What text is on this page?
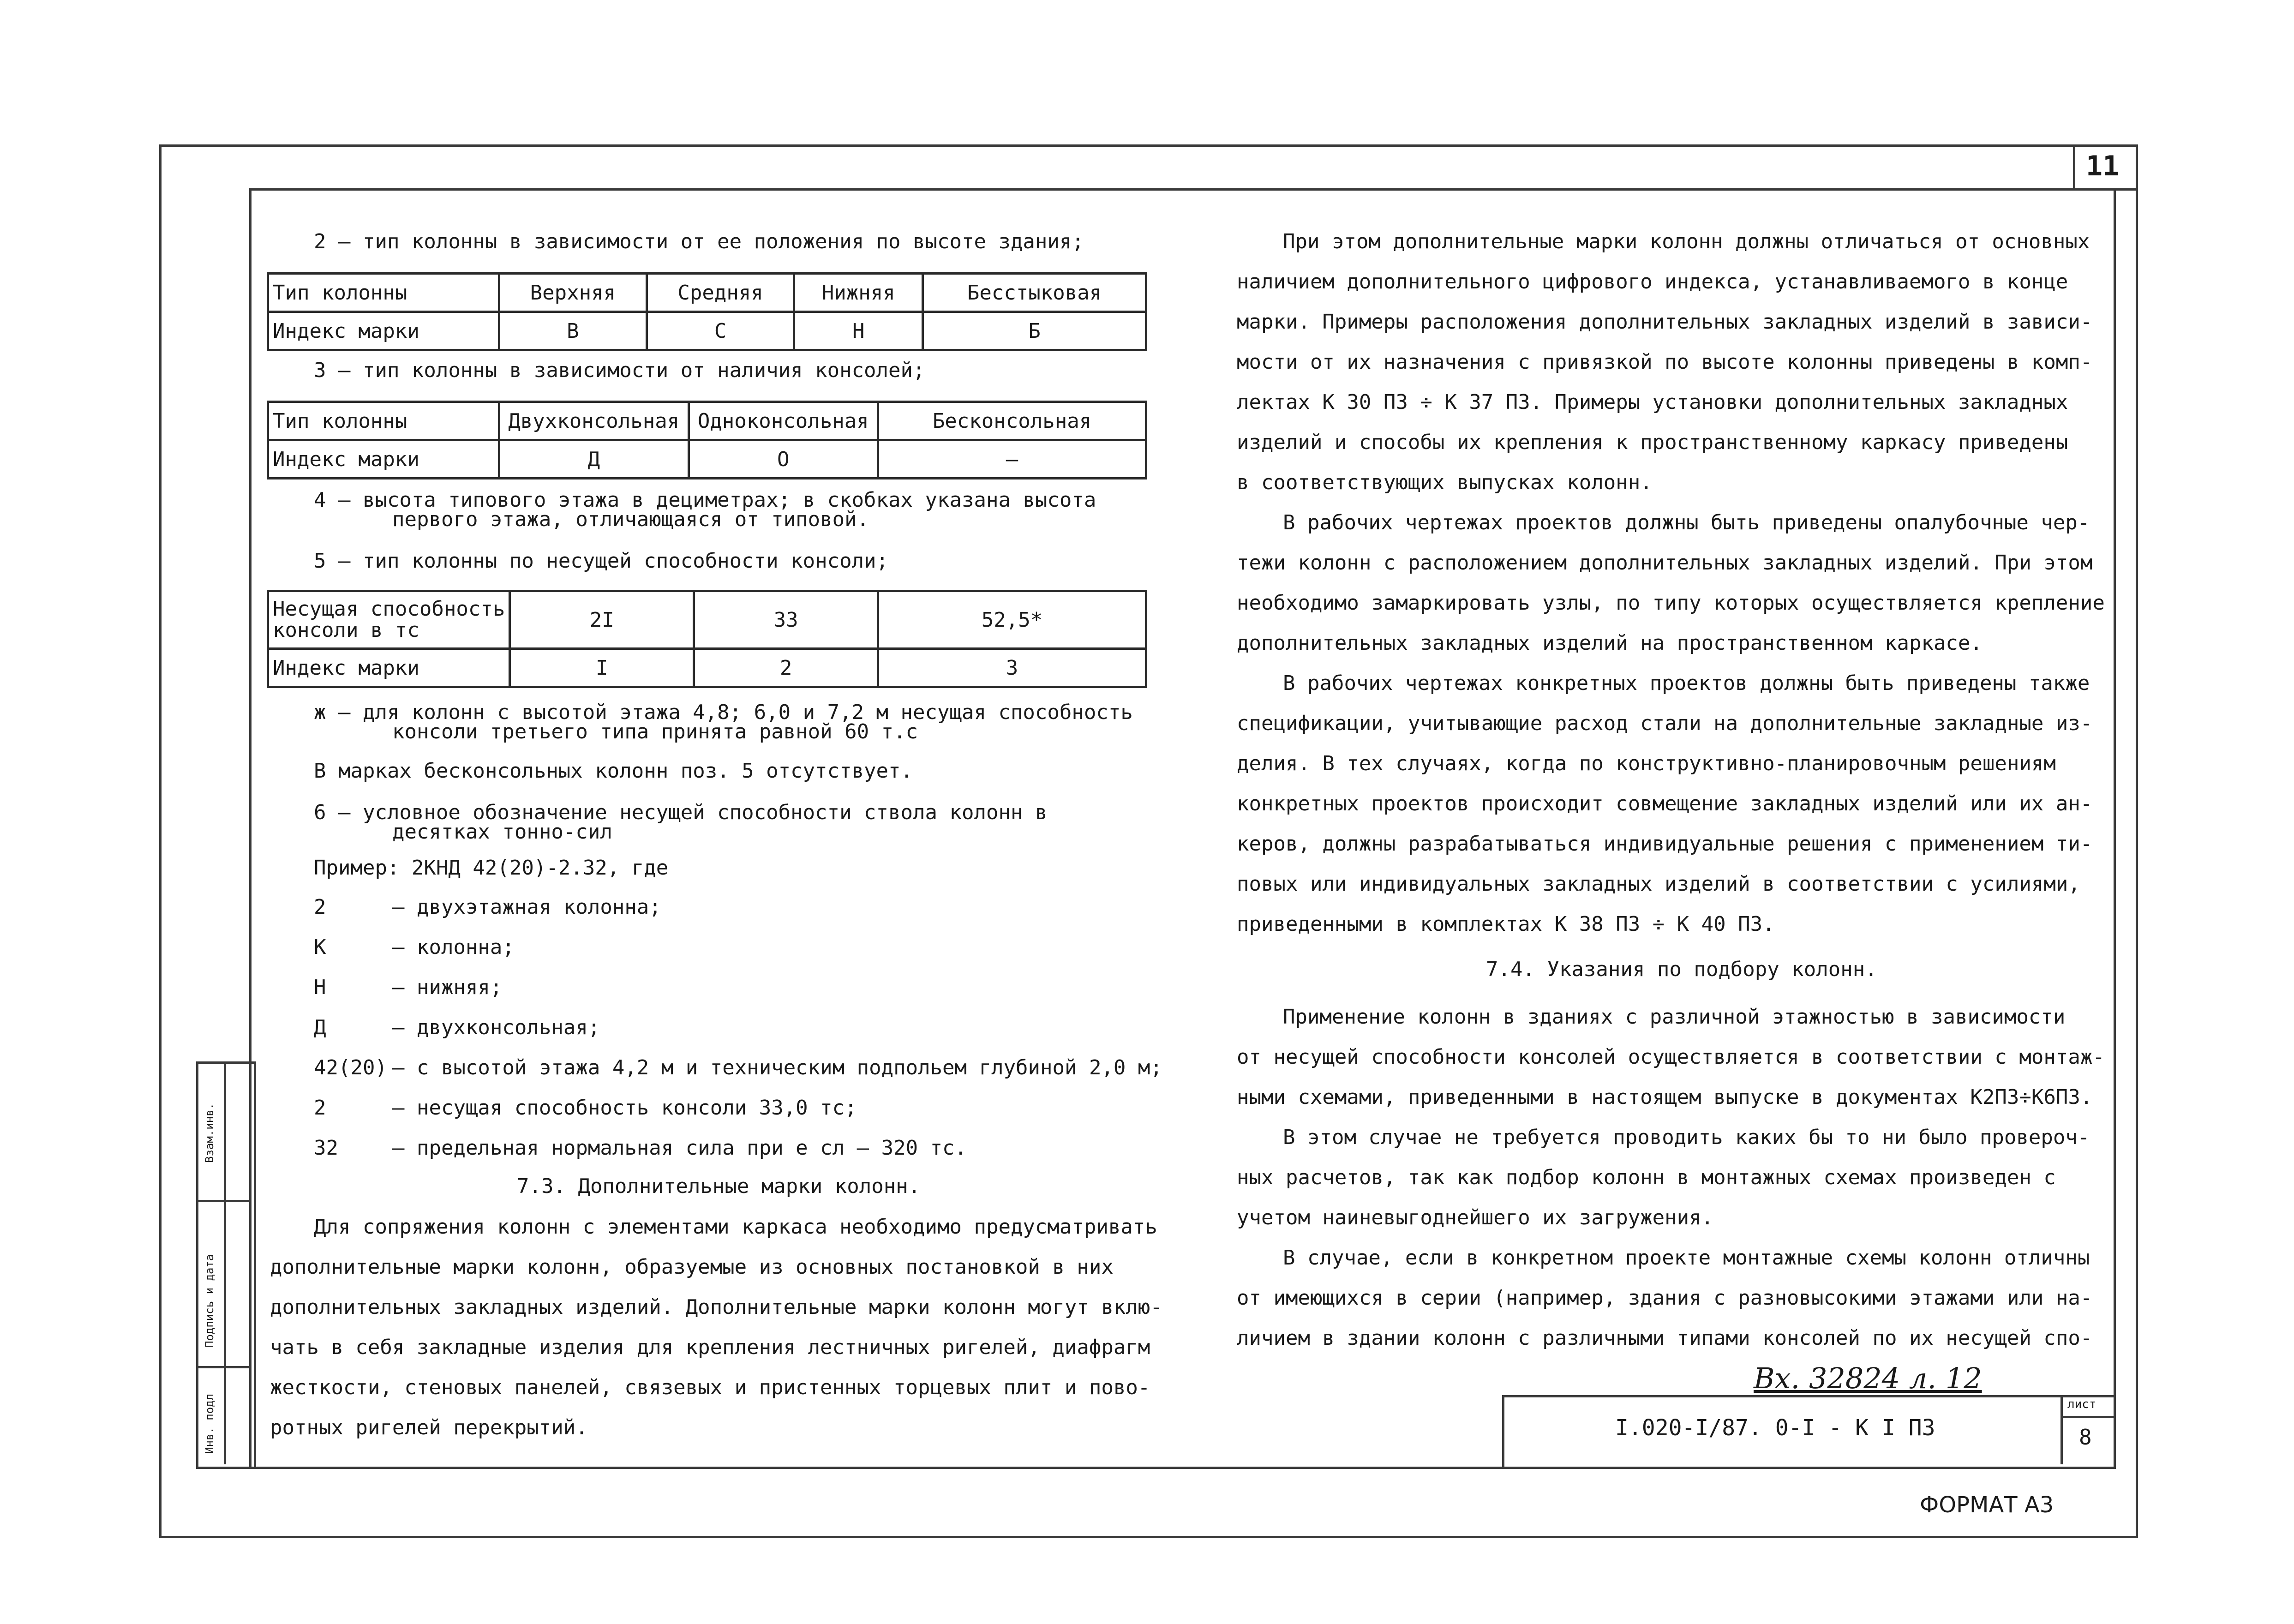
11
Взам.инв.
Подпись и дата
Инв. подл
2 – тип колонны в зависимости от ее положения по высоте здания;
Тип колонны	Верхняя	Средняя	Нижняя	Бесстыковая
Индекс марки	В	С	Н	Б
3 – тип колонны в зависимости от наличия консолей;
Тип колонны	Двухконсольная	Одноконсольная	Бесконсольная
Индекс марки	Д	О	–
4 – высота типового этажа в дециметрах; в скобках указана высота
первого этажа, отличающаяся от типовой.
5 – тип колонны по несущей способности консоли;
Несущая способность
консоли в тс	2I	33	52,5*
Индекс марки	I	2	3
ж – для колонн с высотой этажа 4,8; 6,0 и 7,2 м несущая способность
консоли третьего типа принята равной 60 т.с
В марках бесконсольных колонн поз. 5 отсутствует.
6 – условное обозначение несущей способности ствола колонн в
десятках тонно-сил
Пример: 2КНД 42(20)-2.32, где
2	– двухэтажная колонна;
К	– колонна;
Н	– нижняя;
Д	– двухконсольная;
42(20) – с высотой этажа 4,2 м и техническим подпольем глубиной 2,0 м;
2	– несущая способность консоли 33,0 тс;
32	– предельная нормальная сила при e сл – 320 тс.
7.3. Дополнительные марки колонн.
Для сопряжения колонн с элементами каркаса необходимо предусматривать
дополнительные марки колонн, образуемые из основных постановкой в них
дополнительных закладных изделий. Дополнительные марки колонн могут вклю-
чать в себя закладные изделия для крепления лестничных ригелей, диафрагм
жесткости, стеновых панелей, связевых и пристенных торцевых плит и пово-
ротных ригелей перекрытий.
При этом дополнительные марки колонн должны отличаться от основных
наличием дополнительного цифрового индекса, устанавливаемого в конце
марки. Примеры расположения дополнительных закладных изделий в зависи-
мости от их назначения с привязкой по высоте колонны приведены в комп-
лектах К 30 ПЗ ÷ К 37 ПЗ. Примеры установки дополнительных закладных
изделий и способы их крепления к пространственному каркасу приведены
в соответствующих выпусках колонн.
В рабочих чертежах проектов должны быть приведены опалубочные чер-
тежи колонн с расположением дополнительных закладных изделий. При этом
необходимо замаркировать узлы, по типу которых осуществляется крепление
дополнительных закладных изделий на пространственном каркасе.
В рабочих чертежах конкретных проектов должны быть приведены также
спецификации, учитывающие расход стали на дополнительные закладные из-
делия. В тех случаях, когда по конструктивно-планировочным решениям
конкретных проектов происходит совмещение закладных изделий или их ан-
керов, должны разрабатываться индивидуальные решения с применением ти-
повых или индивидуальных закладных изделий в соответствии с усилиями,
приведенными в комплектах К 38 ПЗ ÷ К 40 ПЗ.
7.4. Указания по подбору колонн.
Применение колонн в зданиях с различной этажностью в зависимости
от несущей способности консолей осуществляется в соответствии с монтаж-
ными схемами, приведенными в настоящем выпуске в документах К2ПЗ÷К6ПЗ.
В этом случае не требуется проводить каких бы то ни было провероч-
ных расчетов, так как подбор колонн в монтажных схемах произведен с
учетом наиневыгоднейшего их загружения.
В случае, если в конкретном проекте монтажные схемы колонн отличны
от имеющихся в серии (например, здания с разновысокими этажами или на-
личием в здании колонн с различными типами консолей по их несущей спо-
Вх. 32824 л. 12
I.020-I/87. 0-I - К I ПЗ
лист
8
ФОРМАТ А3
